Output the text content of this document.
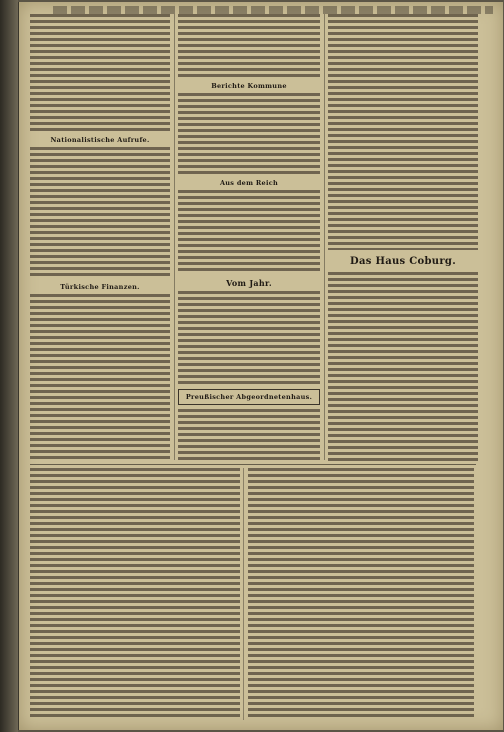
Nationalistische Aufrufe.
Türkische Finanzen.
Berichte Kommune
Aus dem Reich
Vom Jahr.
Preußischer Abgeordnetenhaus.
Das Haus Coburg.
